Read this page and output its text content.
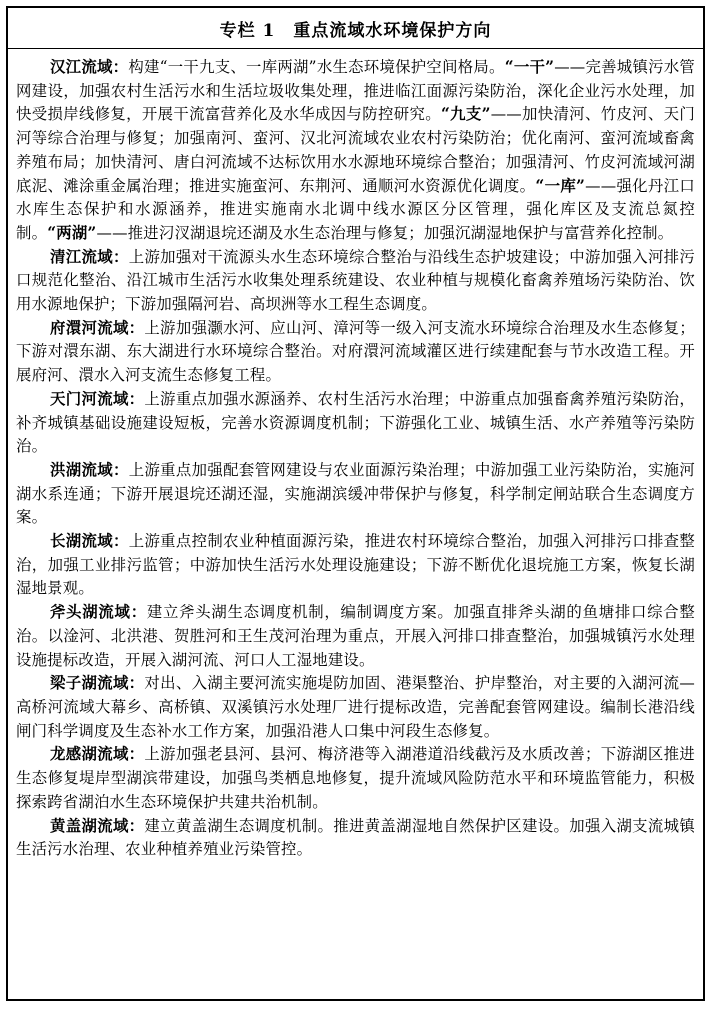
专栏 1　重点流域水环境保护方向

汉江流域：构建“一干九支、一库两湖”水生态环境保护空间格局。“一干”——完善城镇污水管网建设，加强农村生活污水和生活垃圾收集处理，推进临江面源污染防治，深化企业污水处理，加快受损岸线修复，开展干流富营养化及水华成因与防控研究。“九支”——加快清河、竹皮河、天门河等综合治理与修复；加强南河、蛮河、汉北河流域农业农村污染防治；优化南河、蛮河流域畜禽养殖布局；加快清河、唐白河流域不达标饮用水水源地环境综合整治；加强清河、竹皮河流域河湖底泥、滩涂重金属治理；推进实施蛮河、东荆河、通顺河水资源优化调度。“一库”——强化丹江口水库生态保护和水源涵养，推进实施南水北调中线水源区分区管理，强化库区及支流总氮控制。“两湖”——推进汈汊湖退垸还湖及水生态治理与修复；加强沉湖湿地保护与富营养化控制。

清江流域：上游加强对干流源头水生态环境综合整治与沿线生态护坡建设；中游加强入河排污口规范化整治、沿江城市生活污水收集处理系统建设、农业种植与规模化畜禽养殖场污染防治、饮用水源地保护；下游加强隔河岩、高坝洲等水工程生态调度。

府澴河流域：上游加强灏水河、应山河、漳河等一级入河支流水环境综合治理及水生态修复；下游对澴东湖、东大湖进行水环境综合整治。对府澴河流域灌区进行续建配套与节水改造工程。开展府河、澴水入河支流生态修复工程。

天门河流域：上游重点加强水源涵养、农村生活污水治理；中游重点加强畜禽养殖污染防治，补齐城镇基础设施建设短板，完善水资源调度机制；下游强化工业、城镇生活、水产养殖等污染防治。

洪湖流域：上游重点加强配套管网建设与农业面源污染治理；中游加强工业污染防治，实施河湖水系连通；下游开展退垸还湖还湿，实施湖滨缓冲带保护与修复，科学制定闸站联合生态调度方案。

长湖流域：上游重点控制农业种植面源污染，推进农村环境综合整治，加强入河排污口排查整治，加强工业排污监管；中游加快生活污水处理设施建设；下游不断优化退垸施工方案，恢复长湖湿地景观。

斧头湖流域：建立斧头湖生态调度机制，编制调度方案。加强直排斧头湖的鱼塘排口综合整治。以淦河、北洪港、贺胜河和王生茂河治理为重点，开展入河排口排查整治，加强城镇污水处理设施提标改造，开展入湖河流、河口人工湿地建设。

梁子湖流域：对出、入湖主要河流实施堤防加固、港渠整治、护岸整治，对主要的入湖河流—高桥河流域大幕乡、高桥镇、双溪镇污水处理厂进行提标改造，完善配套管网建设。编制长港沿线闸门科学调度及生态补水工作方案，加强沿港人口集中河段生态修复。

龙感湖流域：上游加强老县河、县河、梅济港等入湖港道沿线截污及水质改善；下游湖区推进生态修复堤岸型湖滨带建设，加强鸟类栖息地修复，提升流域风险防范水平和环境监管能力，积极探索跨省湖泊水生态环境保护共建共治机制。

黄盖湖流域：建立黄盖湖生态调度机制。推进黄盖湖湿地自然保护区建设。加强入湖支流城镇生活污水治理、农业种植养殖业污染管控。
